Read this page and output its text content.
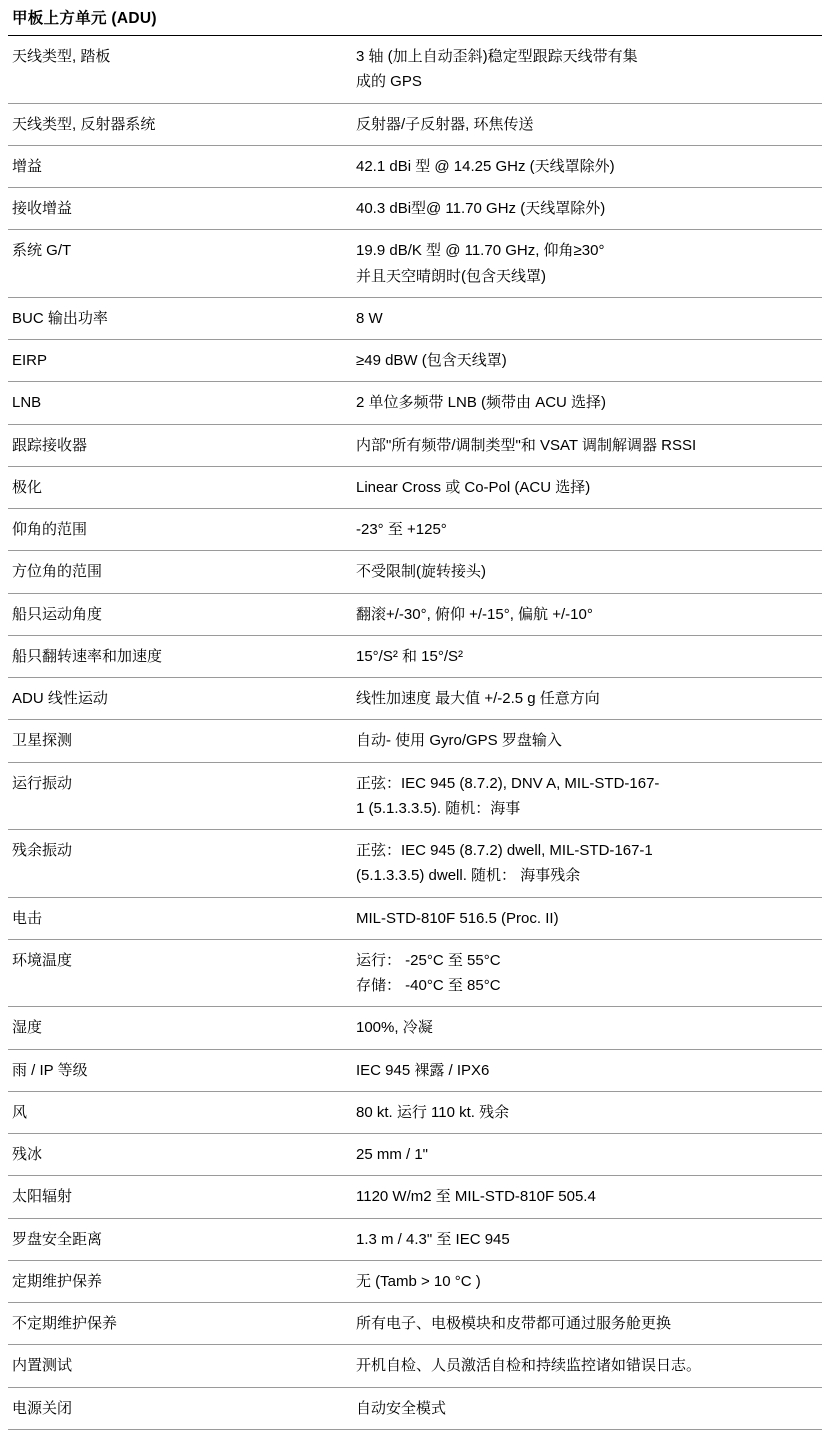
甲板上方单元 (ADU)	
天线类型, 踏板	3 轴 (加上自动歪斜)稳定型跟踪天线带有集
成的 GPS

天线类型, 反射器系统	反射器/子反射器, 环焦传送

增益	42.1 dBi 型 @ 14.25 GHz (天线罩除外)

接收增益	40.3 dBi型@ 11.70 GHz (天线罩除外)

系统 G/T	19.9 dB/K 型 @ 11.70 GHz, 仰角≥30°
并且天空晴朗时(包含天线罩)

BUC 输出功率	8 W

EIRP	≥49 dBW (包含天线罩)

LNB	2 单位多频带 LNB (频带由 ACU 选择)

跟踪接收器	内部"所有频带/调制类型"和 VSAT 调制解调器 RSSI

极化	Linear Cross 或 Co-Pol (ACU 选择)

仰角的范围	-23° 至 +125°

方位角的范围	不受限制(旋转接头)

船只运动角度	翻滚+/-30°, 俯仰 +/-15°, 偏航 +/-10°

船只翻转速率和加速度	15°/S² 和 15°/S²

ADU 线性运动	线性加速度 最大值 +/-2.5 g 任意方向

卫星探测	自动- 使用 Gyro/GPS 罗盘输入

运行振动	正弦：IEC 945 (8.7.2), DNV A, MIL-STD-167-
1 (5.1.3.3.5). 随机：海事

残余振动	正弦：IEC 945 (8.7.2) dwell, MIL-STD-167-1
(5.1.3.3.5) dwell. 随机： 海事残余

电击	MIL-STD-810F 516.5 (Proc. II)

环境温度	运行： -25°C 至 55°C
存储： -40°C 至 85°C

湿度	100%, 冷凝

雨 / IP 等级	IEC 945 裸露 / IPX6

风	80 kt. 运行 110 kt. 残余

残冰	25 mm / 1"

太阳辐射	1120 W/m2 至 MIL-STD-810F 505.4

罗盘安全距离	1.3 m / 4.3" 至 IEC 945

定期维护保养	无 (Tamb > 10 °C )

不定期维护保养	所有电子、电极模块和皮带都可通过服务舱更换

内置测试	开机自检、人员激活自检和持续监控诸如错误日志。

电源关闭	自动安全模式
